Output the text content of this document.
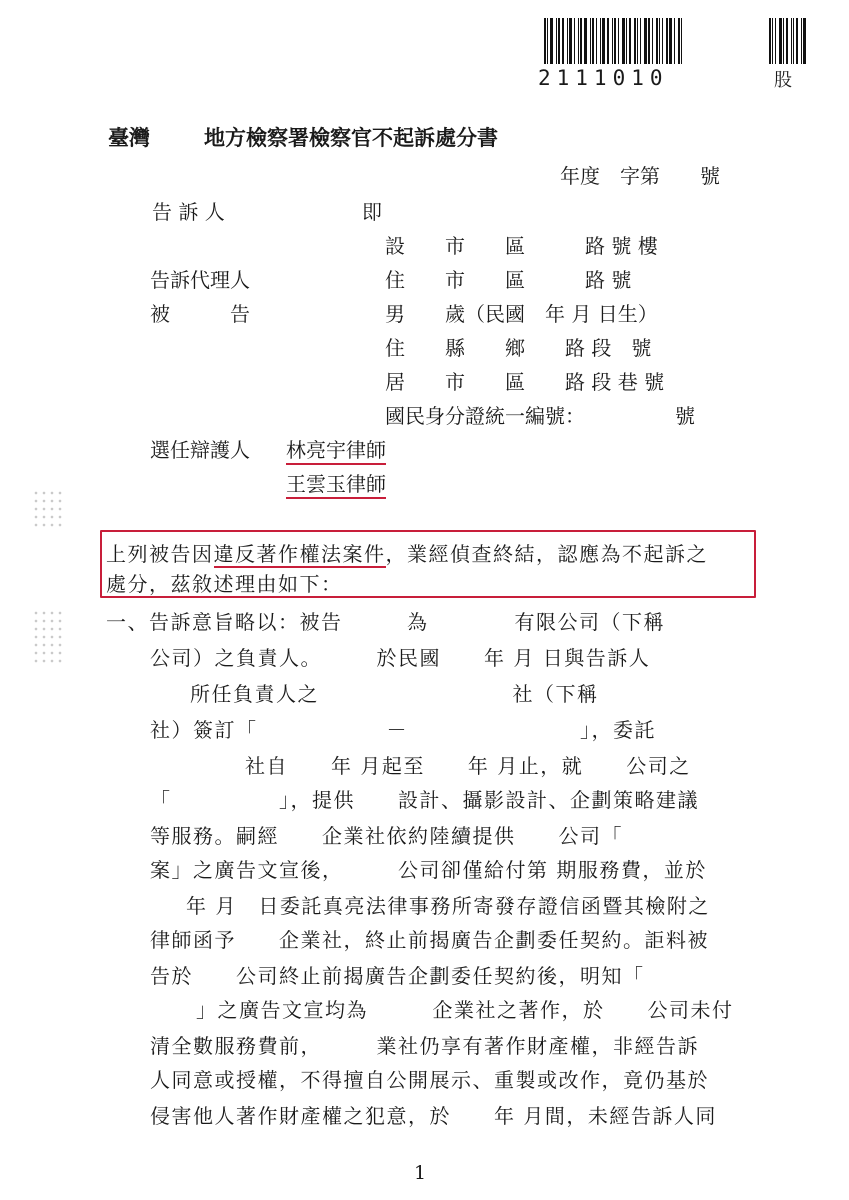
2111010	股
臺灣	地方檢察署檢察官不起訴處分書
年度　字第　　號
告 訴 人	即
設　　市　　區　　　路 號 樓
告訴代理人	住　　市　　區　　　路 號
被　　　告	男　　歲（民國　年 月 日生）
住　　縣　　鄉　　路 段　號
居　　市　　區　　路 段 巷 號
國民身分證統一編號：　　　　　號
選任辯護人 林亮宇律師
王雲玉律師
上列被告因違反著作權法案件，業經偵查終結，認應為不起訴之
處分，茲敘述理由如下：
一、告訴意旨略以：被告　　　為　　　　有限公司（下稱
公司）之負責人。　　　於民國　　年 月 日與告訴人
所任負責人之　　　　　　　　　社（下稱
社）簽訂「　　　　　　－　　　　　　　　」，委託
社自　　年 月起至　　年 月止，就　　公司之
「　　　　　」，提供　　設計、攝影設計、企劃策略建議
等服務。嗣經　　企業社依約陸續提供　　公司「
案」之廣告文宣後，　　　公司卻僅給付第 期服務費，並於
年 月　日委託真亮法律事務所寄發存證信函暨其檢附之
律師函予　　企業社，終止前揭廣告企劃委任契約。詎料被
告於　　公司終止前揭廣告企劃委任契約後，明知「
」之廣告文宣均為　　　企業社之著作，於　　公司未付
清全數服務費前，　　　業社仍享有著作財產權，非經告訴
人同意或授權，不得擅自公開展示、重製或改作，竟仍基於
侵害他人著作財產權之犯意，於　　年 月間，未經告訴人同
1
